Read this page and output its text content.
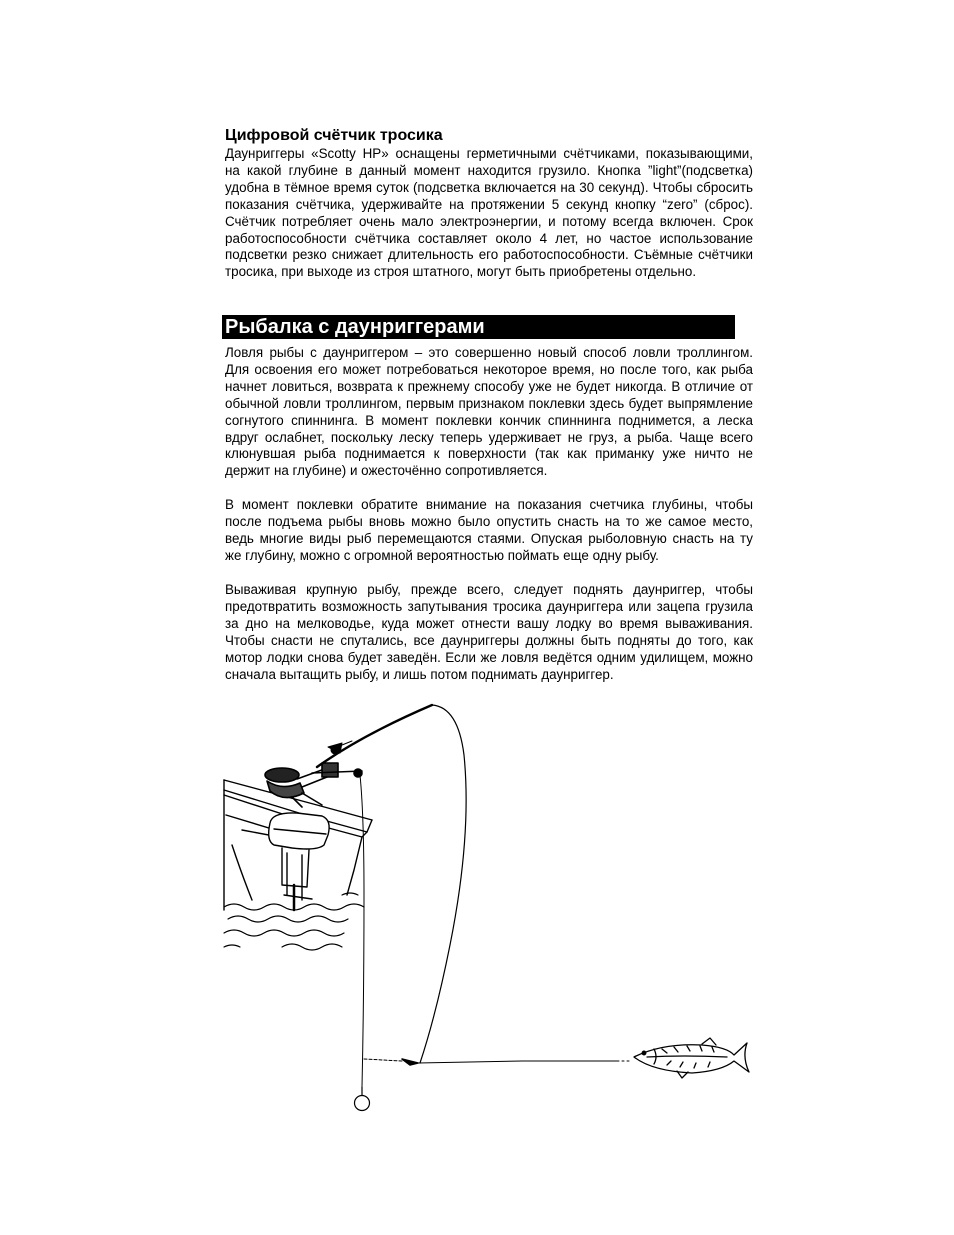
Цифровой счётчик тросика

Даунриггеры «Scotty HP» оснащены герметичными счётчиками, показывающими, на какой глубине в данный момент находится грузило. Кнопка ”light”(подсветка) удобна в тёмное время суток (подсветка включается на 30 секунд). Чтобы сбросить показания счётчика, удерживайте на протяжении 5 секунд кнопку “zero” (сброс). Счётчик потребляет очень мало электроэнергии, и потому всегда включен. Срок работоспособности счётчика составляет около 4 лет, но частое использование подсветки резко снижает длительность его работоспособности. Съёмные счётчики тросика, при выходе из строя штатного, могут быть приобретены отдельно.

Рыбалка с даунриггерами

Ловля рыбы с даунриггером – это совершенно новый способ ловли троллингом. Для освоения его может потребоваться некоторое время, но после того, как рыба начнет ловиться, возврата к прежнему способу уже не будет никогда. В отличие от обычной ловли троллингом, первым признаком поклевки здесь будет выпрямление согнутого спиннинга. В момент поклевки кончик спиннинга поднимется, а леска вдруг ослабнет, поскольку леску теперь удерживает не груз, а рыба. Чаще всего клюнувшая рыба поднимается к поверхности (так как приманку уже ничто не держит на глубине) и ожесточённо сопротивляется.

В момент поклевки обратите внимание на показания счетчика глубины, чтобы после подъема рыбы вновь можно было опустить снасть на то же самое место, ведь многие виды рыб перемещаются стаями. Опуская рыболовную снасть на ту же глубину, можно с огромной вероятностью поймать еще одну рыбу.

Вываживая крупную рыбу, прежде всего, следует поднять даунриггер, чтобы предотвратить возможность запутывания тросика даунриггера или зацепа грузила за дно на мелководье, куда может отнести вашу лодку во время вываживания. Чтобы снасти не спутались, все даунриггеры должны быть подняты до того, как мотор лодки снова будет заведён. Если же ловля ведётся одним удилищем, можно сначала вытащить рыбу, и лишь потом поднимать даунриггер.
